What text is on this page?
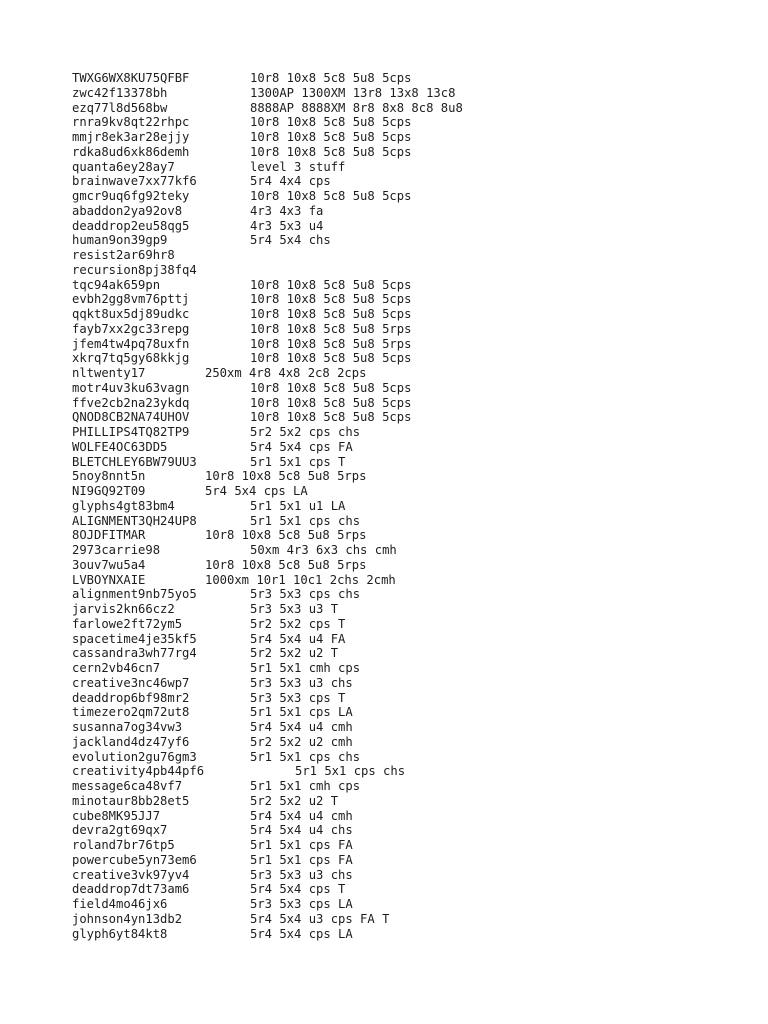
TWXG6WX8KU75QFBF	10r8 10x8 5c8 5u8 5cps
zwc42f13378bh	1300AP 1300XM 13r8 13x8 13c8
ezq77l8d568bw	8888AP 8888XM 8r8 8x8 8c8 8u8
rnra9kv8qt22rhpc	10r8 10x8 5c8 5u8 5cps
mmjr8ek3ar28ejjy	10r8 10x8 5c8 5u8 5cps
rdka8ud6xk86demh	10r8 10x8 5c8 5u8 5cps
quanta6ey28ay7	level 3 stuff
brainwave7xx77kf6	5r4 4x4 cps
gmcr9uq6fg92teky	10r8 10x8 5c8 5u8 5cps
abaddon2ya92ov8	4r3 4x3 fa
deaddrop2eu58qg5	4r3 5x3 u4
human9on39gp9	5r4 5x4 chs
resist2ar69hr8
recursion8pj38fq4
tqc94ak659pn	10r8 10x8 5c8 5u8 5cps
evbh2gg8vm76pttj	10r8 10x8 5c8 5u8 5cps
qqkt8ux5dj89udkc	10r8 10x8 5c8 5u8 5cps
fayb7xx2gc33repg	10r8 10x8 5c8 5u8 5rps
jfem4tw4pq78uxfn	10r8 10x8 5c8 5u8 5rps
xkrq7tq5gy68kkjg	10r8 10x8 5c8 5u8 5cps
nltwenty17	250xm 4r8 4x8 2c8 2cps
motr4uv3ku63vagn	10r8 10x8 5c8 5u8 5cps
ffve2cb2na23ykdq	10r8 10x8 5c8 5u8 5cps
QNOD8CB2NA74UHOV	10r8 10x8 5c8 5u8 5cps
PHILLIPS4TQ82TP9	5r2 5x2 cps chs
WOLFE4OC63DD5	5r4 5x4 cps FA
BLETCHLEY6BW79UU3	5r1 5x1 cps T
5noy8nnt5n	10r8 10x8 5c8 5u8 5rps
NI9GQ92T09	5r4 5x4 cps LA
glyphs4gt83bm4	5r1 5x1 u1 LA
ALIGNMENT3QH24UP8	5r1 5x1 cps chs
8OJDFITMAR	10r8 10x8 5c8 5u8 5rps
2973carrie98	50xm 4r3 6x3 chs cmh
3ouv7wu5a4	10r8 10x8 5c8 5u8 5rps
LVBOYNXAIE	1000xm 10r1 10c1 2chs 2cmh
alignment9nb75yo5	5r3 5x3 cps chs
jarvis2kn66cz2	5r3 5x3 u3 T
farlowe2ft72ym5	5r2 5x2 cps T
spacetime4je35kf5	5r4 5x4 u4 FA
cassandra3wh77rg4	5r2 5x2 u2 T
cern2vb46cn7	5r1 5x1 cmh cps
creative3nc46wp7	5r3 5x3 u3 chs
deaddrop6bf98mr2	5r3 5x3 cps T
timezero2qm72ut8	5r1 5x1 cps LA
susanna7og34vw3	5r4 5x4 u4 cmh
jackland4dz47yf6	5r2 5x2 u2 cmh
evolution2gu76gm3	5r1 5x1 cps chs
creativity4pb44pf6	5r1 5x1 cps chs
message6ca48vf7	5r1 5x1 cmh cps
minotaur8bb28et5	5r2 5x2 u2 T
cube8MK95JJ7	5r4 5x4 u4 cmh
devra2gt69qx7	5r4 5x4 u4 chs
roland7br76tp5	5r1 5x1 cps FA
powercube5yn73em6	5r1 5x1 cps FA
creative3vk97yv4	5r3 5x3 u3 chs
deaddrop7dt73am6	5r4 5x4 cps T
field4mo46jx6	5r3 5x3 cps LA
johnson4yn13db2	5r4 5x4 u3 cps FA T
glyph6yt84kt8	5r4 5x4 cps LA
